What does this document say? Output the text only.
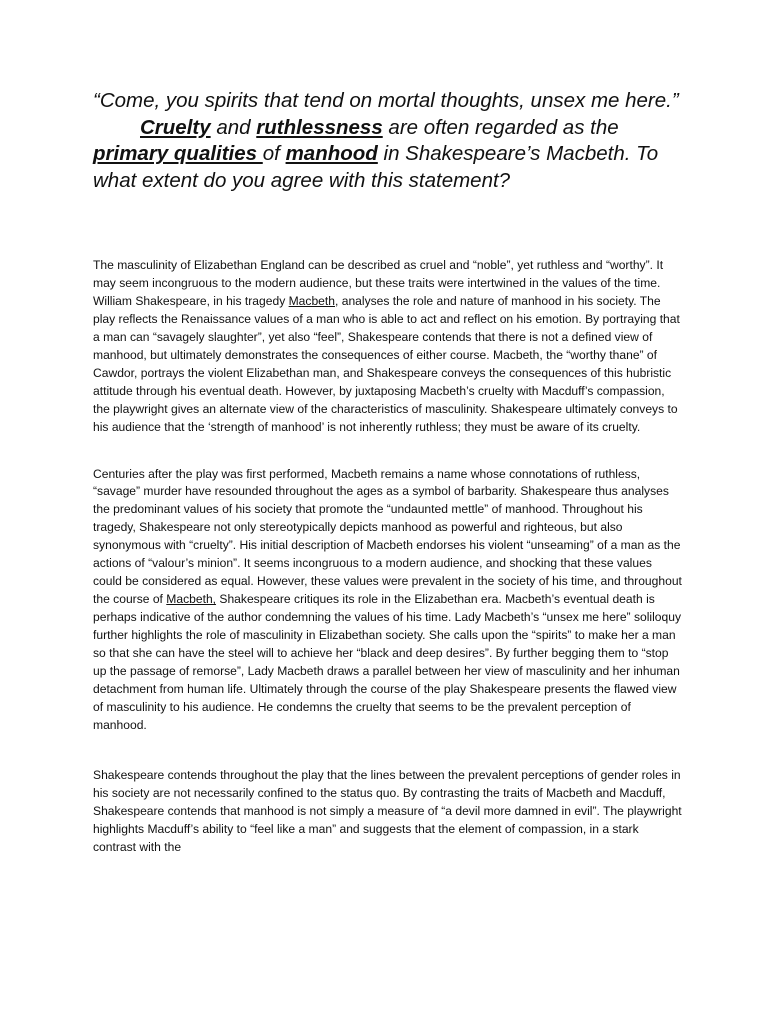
“Come, you spirits that tend on mortal thoughts, unsex me here.”

Cruelty and ruthlessness are often regarded as the primary qualities of manhood in Shakespeare’s Macbeth. To what extent do you agree with this statement?

The masculinity of Elizabethan England can be described as cruel and “noble”, yet ruthless and “worthy”. It may seem incongruous to the modern audience, but these traits were intertwined in the values of the time. William Shakespeare, in his tragedy Macbeth, analyses the role and nature of manhood in his society. The play reflects the Renaissance values of a man who is able to act and reflect on his emotion. By portraying that a man can “savagely slaughter”, yet also “feel”, Shakespeare contends that there is not a defined view of manhood, but ultimately demonstrates the consequences of either course. Macbeth, the “worthy thane” of Cawdor, portrays the violent Elizabethan man, and Shakespeare conveys the consequences of this hubristic attitude through his eventual death. However, by juxtaposing Macbeth’s cruelty with Macduff’s compassion, the playwright gives an alternate view of the characteristics of masculinity. Shakespeare ultimately conveys to his audience that the ‘strength of manhood’ is not inherently ruthless; they must be aware of its cruelty.

Centuries after the play was first performed, Macbeth remains a name whose connotations of ruthless, “savage” murder have resounded throughout the ages as a symbol of barbarity. Shakespeare thus analyses the predominant values of his society that promote the “undaunted mettle” of manhood. Throughout his tragedy, Shakespeare not only stereotypically depicts manhood as powerful and righteous, but also synonymous with “cruelty”. His initial description of Macbeth endorses his violent “unseaming” of a man as the actions of “valour’s minion”. It seems incongruous to a modern audience, and shocking that these values could be considered as equal. However, these values were prevalent in the society of his time, and throughout the course of Macbeth, Shakespeare critiques its role in the Elizabethan era. Macbeth’s eventual death is perhaps indicative of the author condemning the values of his time. Lady Macbeth’s “unsex me here” soliloquy further highlights the role of masculinity in Elizabethan society. She calls upon the “spirits” to make her a man so that she can have the steel will to achieve her “black and deep desires”. By further begging them to “stop up the passage of remorse”, Lady Macbeth draws a parallel between her view of masculinity and her inhuman detachment from human life. Ultimately through the course of the play Shakespeare presents the flawed view of masculinity to his audience. He condemns the cruelty that seems to be the prevalent perception of manhood.

Shakespeare contends throughout the play that the lines between the prevalent perceptions of gender roles in his society are not necessarily confined to the status quo. By contrasting the traits of Macbeth and Macduff, Shakespeare contends that manhood is not simply a measure of “a devil more damned in evil”. The playwright highlights Macduff’s ability to “feel like a man” and suggests that the element of compassion, in a stark contrast with the
